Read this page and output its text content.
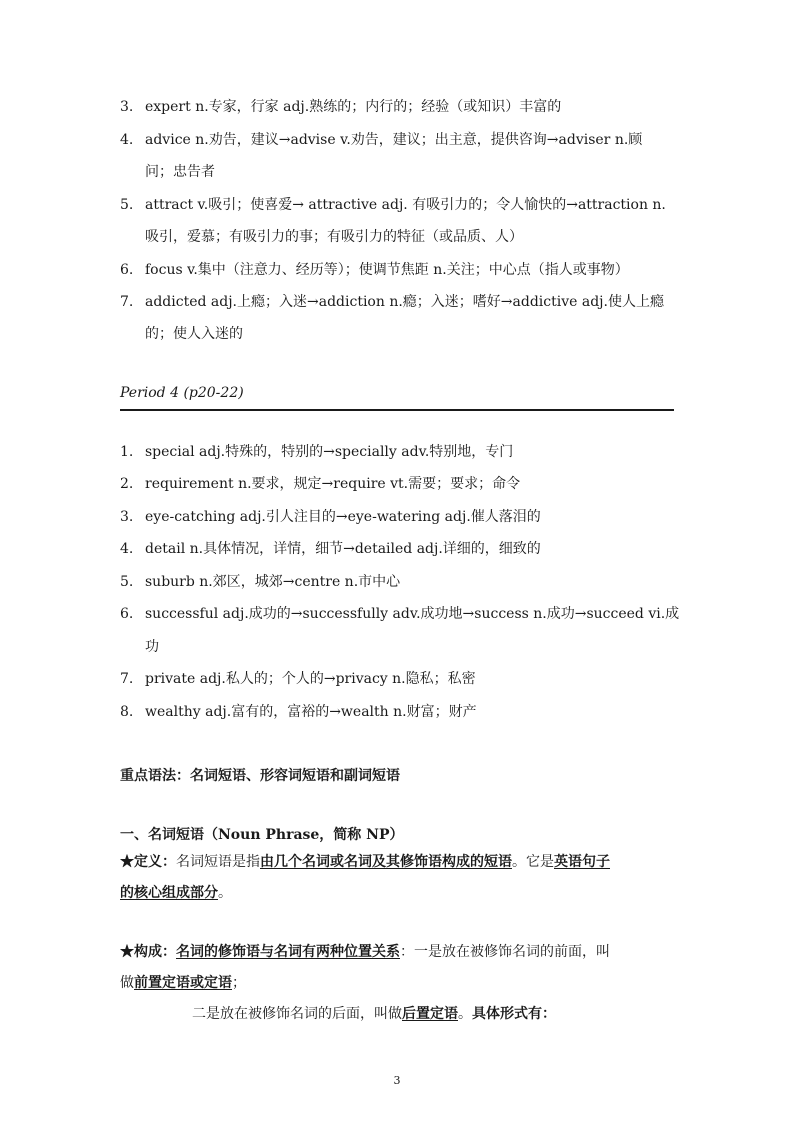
3. expert n.专家，行家 adj.熟练的；内行的；经验（或知识）丰富的
4. advice n.劝告，建议→advise v.劝告，建议；出主意，提供咨询→adviser n.顾
问；忠告者
5. attract v.吸引；使喜爱→ attractive adj. 有吸引力的；令人愉快的→attraction n.
吸引，爱慕；有吸引力的事；有吸引力的特征（或品质、人）
6. focus v.集中（注意力、经历等）；使调节焦距 n.关注；中心点（指人或事物）
7. addicted adj.上瘾；入迷→addiction n.瘾；入迷；嗜好→addictive adj.使人上瘾
的；使人入迷的
Period 4 (p20-22)
1. special adj.特殊的，特别的→specially adv.特别地，专门
2. requirement n.要求，规定→require vt.需要；要求；命令
3. eye-catching adj.引人注目的→eye-watering adj.催人落泪的
4. detail n.具体情况，详情，细节→detailed adj.详细的，细致的
5. suburb n.郊区，城郊→centre n.市中心
6. successful adj.成功的→successfully adv.成功地→success n.成功→succeed vi.成
功
7. private adj.私人的；个人的→privacy n.隐私；私密
8. wealthy adj.富有的，富裕的→wealth n.财富；财产
重点语法：名词短语、形容词短语和副词短语
一、名词短语（Noun Phrase，简称 NP）
★定义：名词短语是指由几个名词或名词及其修饰语构成的短语。它是英语句子
的核心组成部分。
★构成：名词的修饰语与名词有两种位置关系：一是放在被修饰名词的前面，叫
做前置定语或定语；
二是放在被修饰名词的后面，叫做后置定语。具体形式有：
3
